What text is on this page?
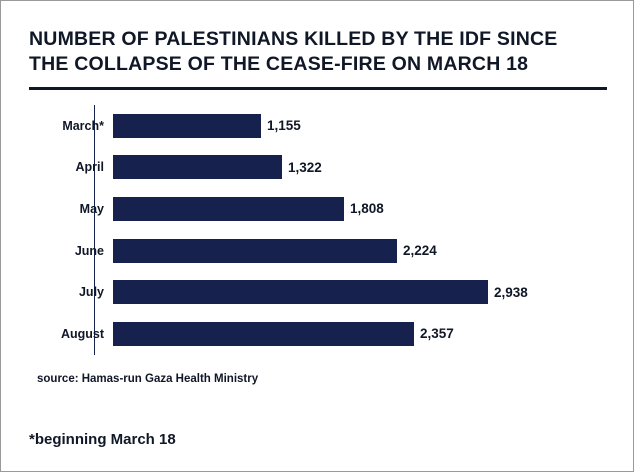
NUMBER OF PALESTINIANS KILLED BY THE IDF SINCE
THE COLLAPSE OF THE CEASE-FIRE ON MARCH 18
March*	1,155
April	1,322
May	1,808
June	2,224
July	2,938
August	2,357
source: Hamas-run Gaza Health Ministry
*beginning March 18
